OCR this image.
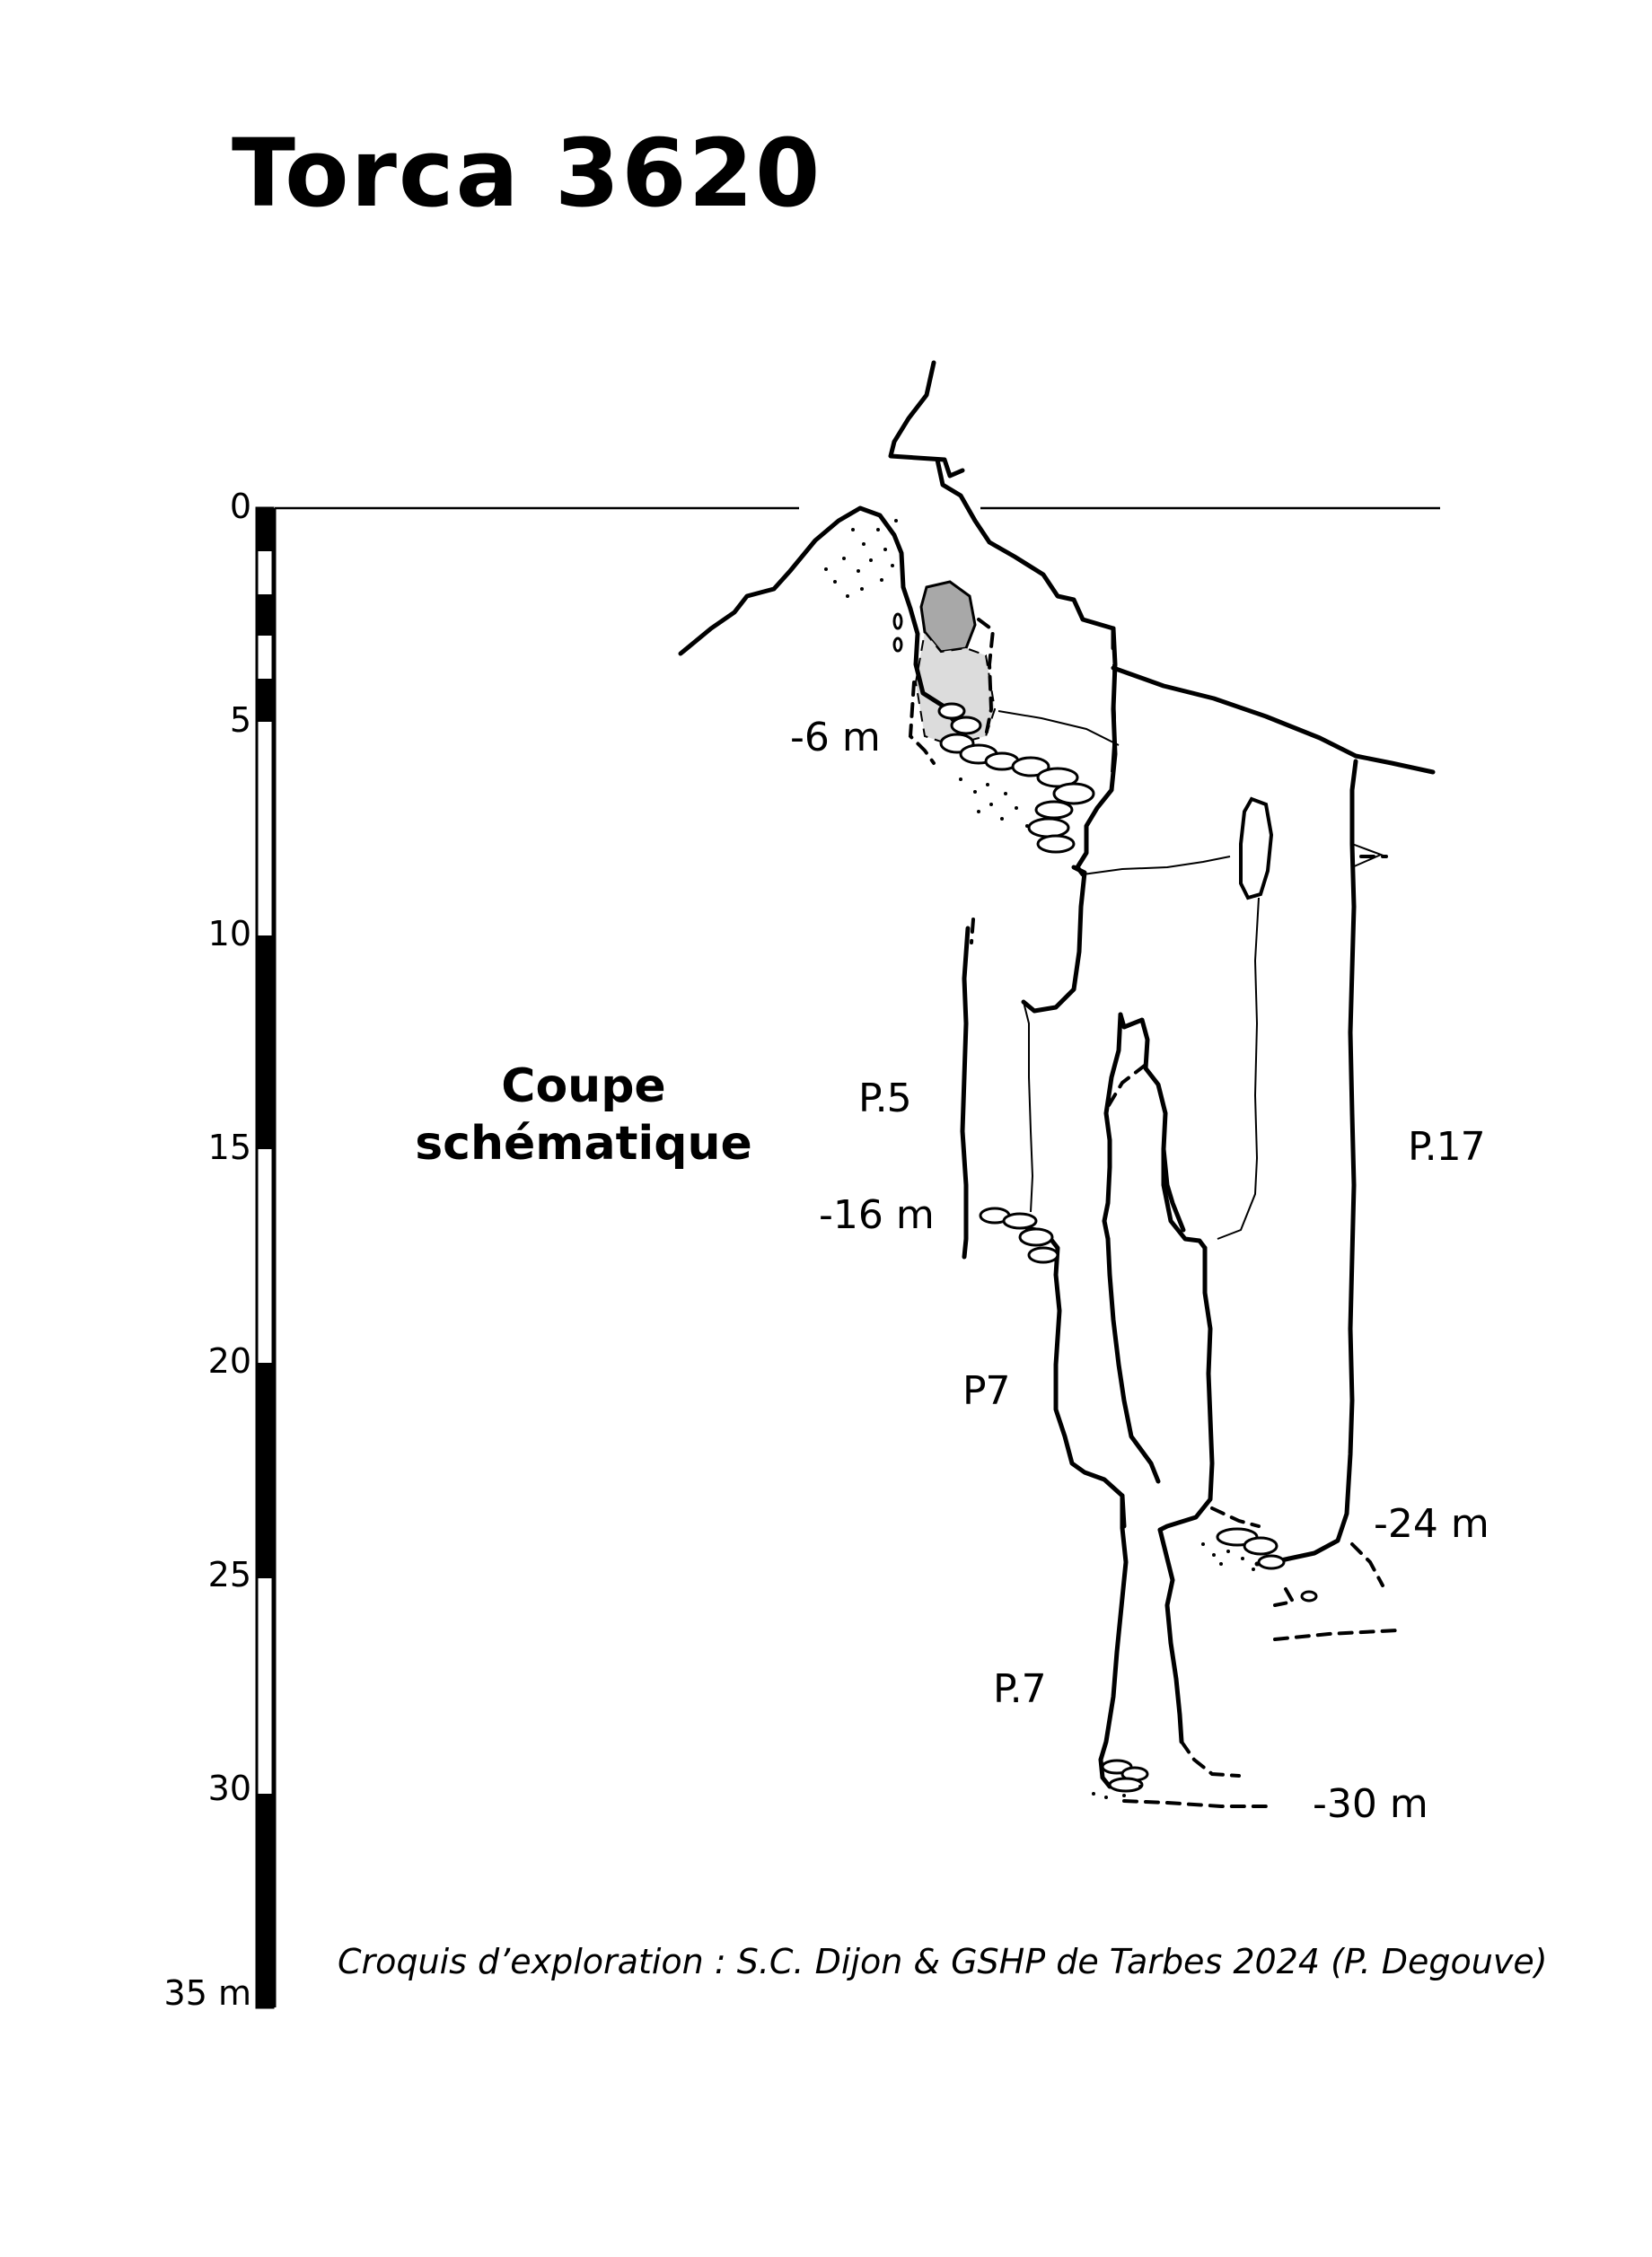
Torca 3620
Coupe
schématique
0
5
10
15
20
25
30
35 m
-6 m
-16 m
-24 m
-30 m
P.5
P7
P.17
P.7
Croquis d’exploration : S.C. Dijon & GSHP de Tarbes 2024 (P. Degouve)
